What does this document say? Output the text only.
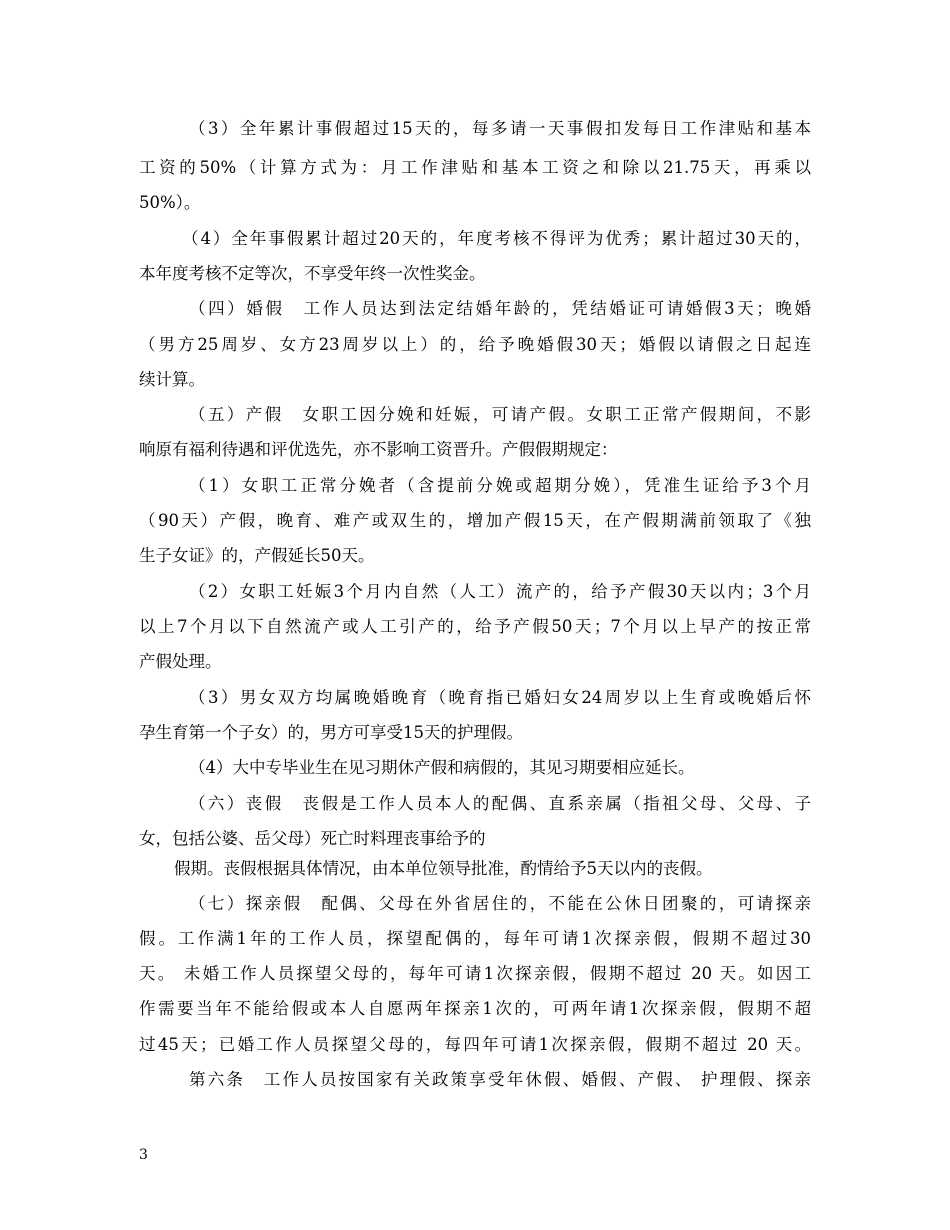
（3）全年累计事假超过15天的，每多请一天事假扣发每日工作津贴和基本
工资的50%（计算方式为：月工作津贴和基本工资之和除以21.75天，再乘以
50%）。
（4）全年事假累计超过20天的，年度考核不得评为优秀；累计超过30天的，
本年度考核不定等次，不享受年终一次性奖金。
（四）婚假　工作人员达到法定结婚年龄的，凭结婚证可请婚假3天；晚婚
（男方25周岁、女方23周岁以上）的，给予晚婚假30天；婚假以请假之日起连
续计算。
（五）产假　女职工因分娩和妊娠，可请产假。女职工正常产假期间，不影
响原有福利待遇和评优选先，亦不影响工资晋升。产假假期规定：
（1）女职工正常分娩者（含提前分娩或超期分娩），凭准生证给予3个月
（90天）产假，晚育、难产或双生的，增加产假15天，在产假期满前领取了《独
生子女证》的，产假延长50天。
（2）女职工妊娠3个月内自然（人工）流产的，给予产假30天以内；3个月
以上7个月以下自然流产或人工引产的，给予产假50天；7个月以上早产的按正常
产假处理。
（3）男女双方均属晚婚晚育（晚育指已婚妇女24周岁以上生育或晚婚后怀
孕生育第一个子女）的，男方可享受15天的护理假。
（4）大中专毕业生在见习期休产假和病假的，其见习期要相应延长。
（六）丧假　丧假是工作人员本人的配偶、直系亲属（指祖父母、父母、子
女，包括公婆、岳父母）死亡时料理丧事给予的
假期。丧假根据具体情况，由本单位领导批准，酌情给予5天以内的丧假。
（七）探亲假　配偶、父母在外省居住的，不能在公休日团聚的，可请探亲
假。工作满1年的工作人员，探望配偶的，每年可请1次探亲假，假期不超过30
天。 未婚工作人员探望父母的，每年可请1次探亲假，假期不超过 20 天。如因工
作需要当年不能给假或本人自愿两年探亲1次的，可两年请1次探亲假，假期不超
过45天；已婚工作人员探望父母的，每四年可请1次探亲假，假期不超过 20 天。
第六条　工作人员按国家有关政策享受年休假、婚假、产假、 护理假、探亲
3
